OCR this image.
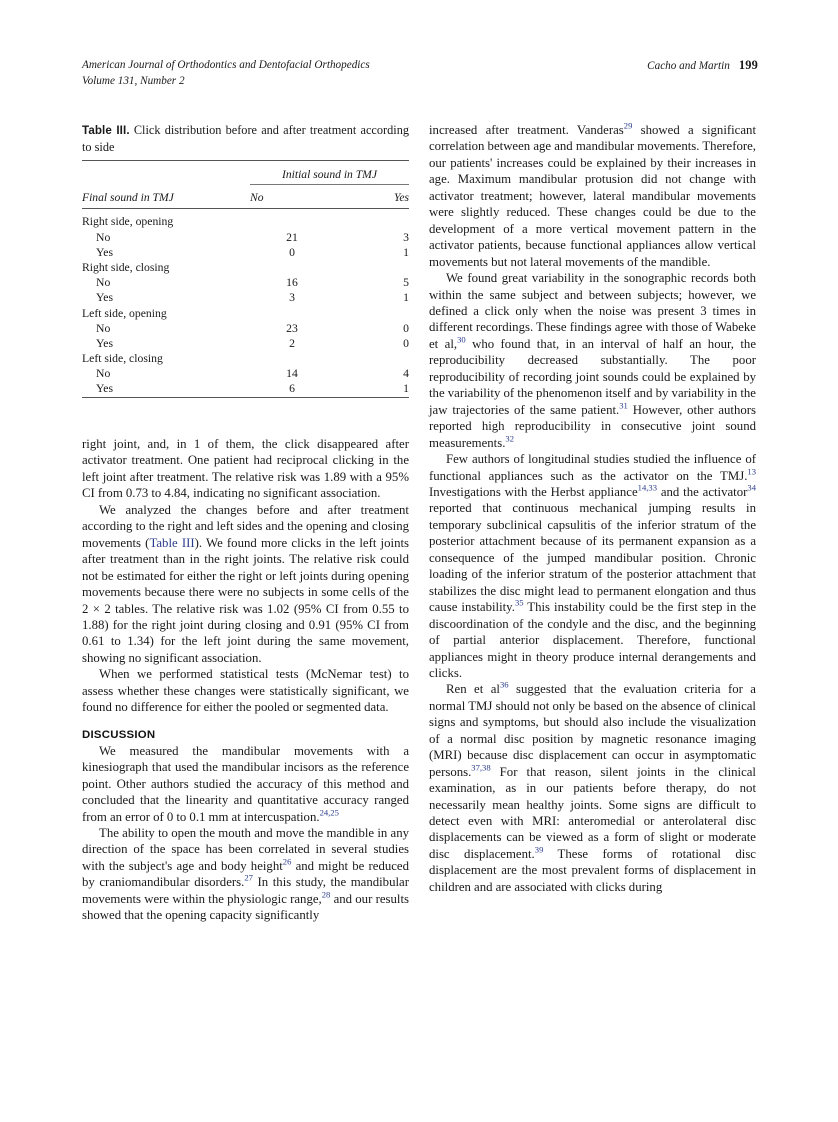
American Journal of Orthodontics and Dentofacial Orthopedics
Volume 131, Number 2
Cacho and Martin 199
Table III. Click distribution before and after treatment according to side

	Initial sound in TMJ	
Final sound in TMJ	No	Yes

Right side, opening		
No	21	3
Yes	0	1
Right side, closing		
No	16	5
Yes	3	1
Left side, opening		
No	23	0
Yes	2	0
Left side, closing		
No	14	4
Yes	6	1

right joint, and, in 1 of them, the click disappeared after activator treatment. One patient had reciprocal clicking in the left joint after treatment. The relative risk was 1.89 with a 95% CI from 0.73 to 4.84, indicating no significant association.

We analyzed the changes before and after treatment according to the right and left sides and the opening and closing movements (Table III). We found more clicks in the left joints after treatment than in the right joints. The relative risk could not be estimated for either the right or left joints during opening movements because there were no subjects in some cells of the 2 × 2 tables. The relative risk was 1.02 (95% CI from 0.55 to 1.88) for the right joint during closing and 0.91 (95% CI from 0.61 to 1.34) for the left joint during the same movement, showing no significant association.

When we performed statistical tests (McNemar test) to assess whether these changes were statistically significant, we found no difference for either the pooled or segmented data.

DISCUSSION

We measured the mandibular movements with a kinesiograph that used the mandibular incisors as the reference point. Other authors studied the accuracy of this method and concluded that the linearity and quantitative accuracy ranged from an error of 0 to 0.1 mm at intercuspation.$^{24,25}$

The ability to open the mouth and move the mandible in any direction of the space has been correlated in several studies with the subject's age and body height$^{26}$ and might be reduced by craniomandibular disorders.$^{27}$ In this study, the mandibular movements were within the physiologic range,$^{28}$ and our results showed that the opening capacity significantly

increased after treatment. Vanderas$^{29}$ showed a significant correlation between age and mandibular movements. Therefore, our patients' increases could be explained by their increases in age. Maximum mandibular protusion did not change with activator treatment; however, lateral mandibular movements were slightly reduced. These changes could be due to the development of a more vertical movement pattern in the activator patients, because functional appliances allow vertical movements but not lateral movements of the mandible.

We found great variability in the sonographic records both within the same subject and between subjects; however, we defined a click only when the noise was present 3 times in different recordings. These findings agree with those of Wabeke et al,$^{30}$ who found that, in an interval of half an hour, the reproducibility decreased substantially. The poor reproducibility of recording joint sounds could be explained by the variability of the phenomenon itself and by variability in the jaw trajectories of the same patient.$^{31}$ However, other authors reported high reproducibility in consecutive joint sound measurements.$^{32}$

Few authors of longitudinal studies studied the influence of functional appliances such as the activator on the TMJ.$^{13}$ Investigations with the Herbst appliance$^{14,33}$ and the activator$^{34}$ reported that continuous mechanical jumping results in temporary subclinical capsulitis of the inferior stratum of the posterior attachment because of its permanent expansion as a consequence of the jumped mandibular position. Chronic loading of the inferior stratum of the posterior attachment that stabilizes the disc might lead to permanent elongation and thus cause instability.$^{35}$ This instability could be the first step in the discoordination of the condyle and the disc, and the beginning of partial anterior displacement. Therefore, functional appliances might in theory produce internal derangements and clicks.

Ren et al$^{36}$ suggested that the evaluation criteria for a normal TMJ should not only be based on the absence of clinical signs and symptoms, but should also include the visualization of a normal disc position by magnetic resonance imaging (MRI) because disc displacement can occur in asymptomatic persons.$^{37,38}$ For that reason, silent joints in the clinical examination, as in our patients before therapy, do not necessarily mean healthy joints. Some signs are difficult to detect even with MRI: anteromedial or anterolateral disc displacements can be viewed as a form of slight or moderate disc displacement.$^{39}$ These forms of rotational disc displacement are the most prevalent forms of displacement in children and are associated with clicks during
